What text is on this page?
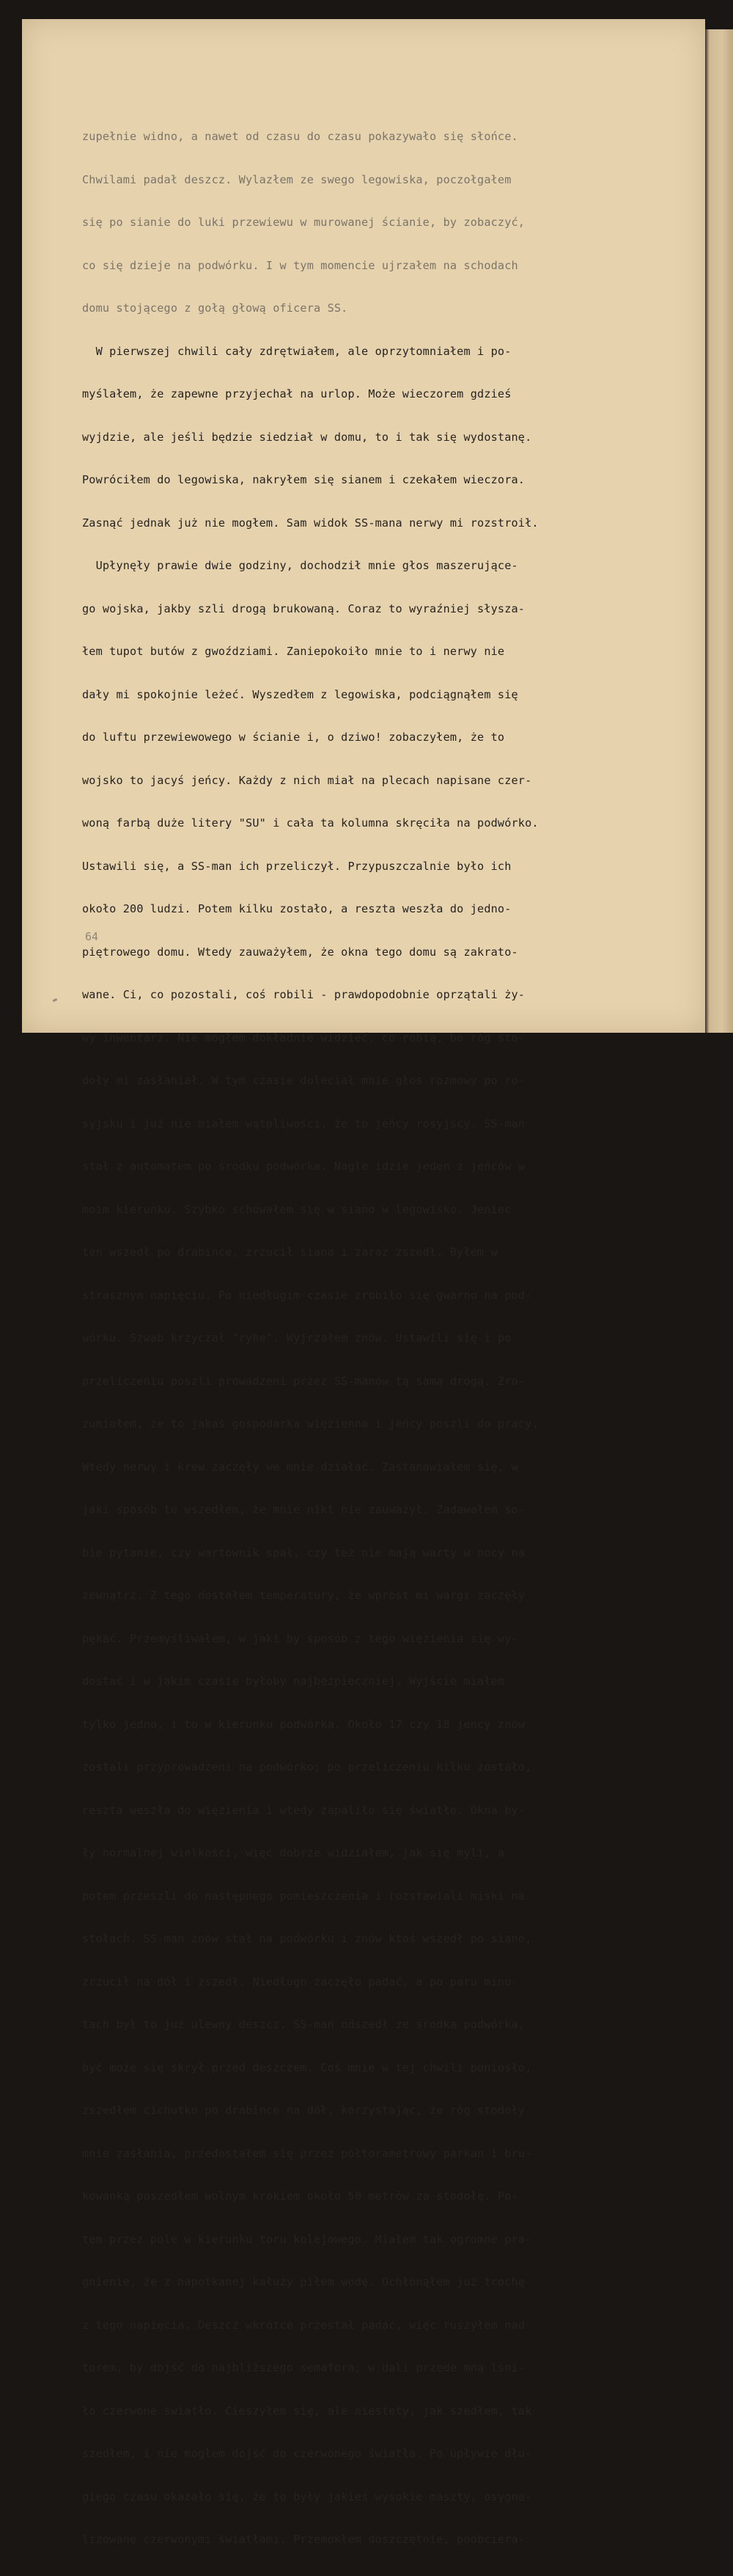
zupełnie widno, a nawet od czasu do czasu pokazywało się słońce.

Chwilami padał deszcz. Wylazłem ze swego legowiska, poczołgałem

się po sianie do luki przewiewu w murowanej ścianie, by zobaczyć,

co się dzieje na podwórku. I w tym momencie ujrzałem na schodach

domu stojącego z gołą głową oficera SS.

W pierwszej chwili cały zdrętwiałem, ale oprzytomniałem i po-

myślałem, że zapewne przyjechał na urlop. Może wieczorem gdzieś

wyjdzie, ale jeśli będzie siedział w domu, to i tak się wydostanę.

Powróciłem do legowiska, nakryłem się sianem i czekałem wieczora.

Zasnąć jednak już nie mogłem. Sam widok SS-mana nerwy mi rozstroił.

Upłynęły prawie dwie godziny, dochodził mnie głos maszerujące-

go wojska, jakby szli drogą brukowaną. Coraz to wyraźniej słysza-

łem tupot butów z gwoździami. Zaniepokoiło mnie to i nerwy nie

dały mi spokojnie leżeć. Wyszedłem z legowiska, podciągnąłem się

do luftu przewiewowego w ścianie i, o dziwo! zobaczyłem, że to

wojsko to jacyś jeńcy. Każdy z nich miał na plecach napisane czer-

woną farbą duże litery "SU" i cała ta kolumna skręciła na podwórko.

Ustawili się, a SS-man ich przeliczył. Przypuszczalnie było ich

około 200 ludzi. Potem kilku zostało, a reszta weszła do jedno-

piętrowego domu. Wtedy zauważyłem, że okna tego domu są zakrato-

wane. Ci, co pozostali, coś robili - prawdopodobnie oprzątali ży-

wy inwentarz. Nie mogłem dokładnie widzieć, co robią, bo róg sto-

doły mi zasłaniał. W tym czasie doleciał mnie głos rozmowy po ro-

syjsku i już nie miałem wątpliwości, że to jeńcy rosyjscy. SS-man

stał z automatem po środku podwórka. Nagle idzie jeden z jeńców w

moim kierunku. Szybko schowałem się w siano w legowisko. Jeniec

ten wszedł po drabince, zrzucił siana i zaraz zszedł. Byłem w

strasznym napięciu. Po niedługim czasie zrobiło się gwarno na pod-

wórku. Szwab krzyczał "ryhe". Wyjrzałem znów. Ustawili się i po

przeliczeniu poszli prowadzeni przez SS-manów tą samą drogą. Zro-

zumiałem, że to jakaś gospodarka więzienna i jeńcy poszli do pracy.

Wtedy nerwy i krew zaczęły we mnie działać. Zastanawiałem się, w

jaki sposób tu wszedłem, że mnie nikt nie zauważył. Zadawałem so-

bie pytanie, czy wartownik spał, czy też nie mają warty w nocy na

zewnątrz. Z tego dostałem temperatury, że wprost mi wargi zaczęły

pękać. Przemyśliwałem, w jaki by sposób z tego więzienia się wy-

dostać i w jakim czasie byłoby najbezpieczniej. Wyjście miałem

tylko jedno, i to w kierunku podwórka. Około 17 czy 18 jeńcy znów

zostali przyprowadzeni na podwórko; po przeliczeniu kilku zostało,

reszta weszła do więzienia i wtedy zapaliło się światło. Okna by-

ły normalnej wielkości, więc dobrze widziałem, jak się myli, a

potem przeszli do następnego pomieszczenia i rozstawiali miski na

stołach. SS-man znów stał na podwórku i znów ktoś wszedł po siano,

zrzucił na dół i zszedł. Niedługo zaczęło padać, a po paru minu-

tach był to już ulewny deszcz. SS-man odszedł ze środka podwórka,

być może się skrył przed deszczem. Coś mnie w tej chwili poniosło,

zszedłem cichutko po drabince na dół, korzystając, że róg stodoły

mnie zasłania, przedostałem się przez półtorametrowy parkan i bru-

kowanką poszedłem wolnym krokiem około 50 metrów za stodołę. Po-

tem przez pole w kierunku toru kolejowego. Miałem tak ogromne pra-

gnienie, że z napotkanej kałuży piłem wodę. Ochłonąłem już trochę

z tego napięcia. Deszcz wkrótce przestał padać, więc ruszyłem nad

torem, by dojść do najbliższego semafora; w dali przede mną lśni-

ło czerwone światło. Cieszyłem się, ale niestety, jak szedłem, tak

szedłem, i nie mogłem dojść do czerwonego światła. Po upływie dłu-

giego czasu okazało się, że to były jakieś wysokie maszty, osygna-

lizowane czerwonymi światłami. Przemokłem doszczętnie, poobciera-

64
